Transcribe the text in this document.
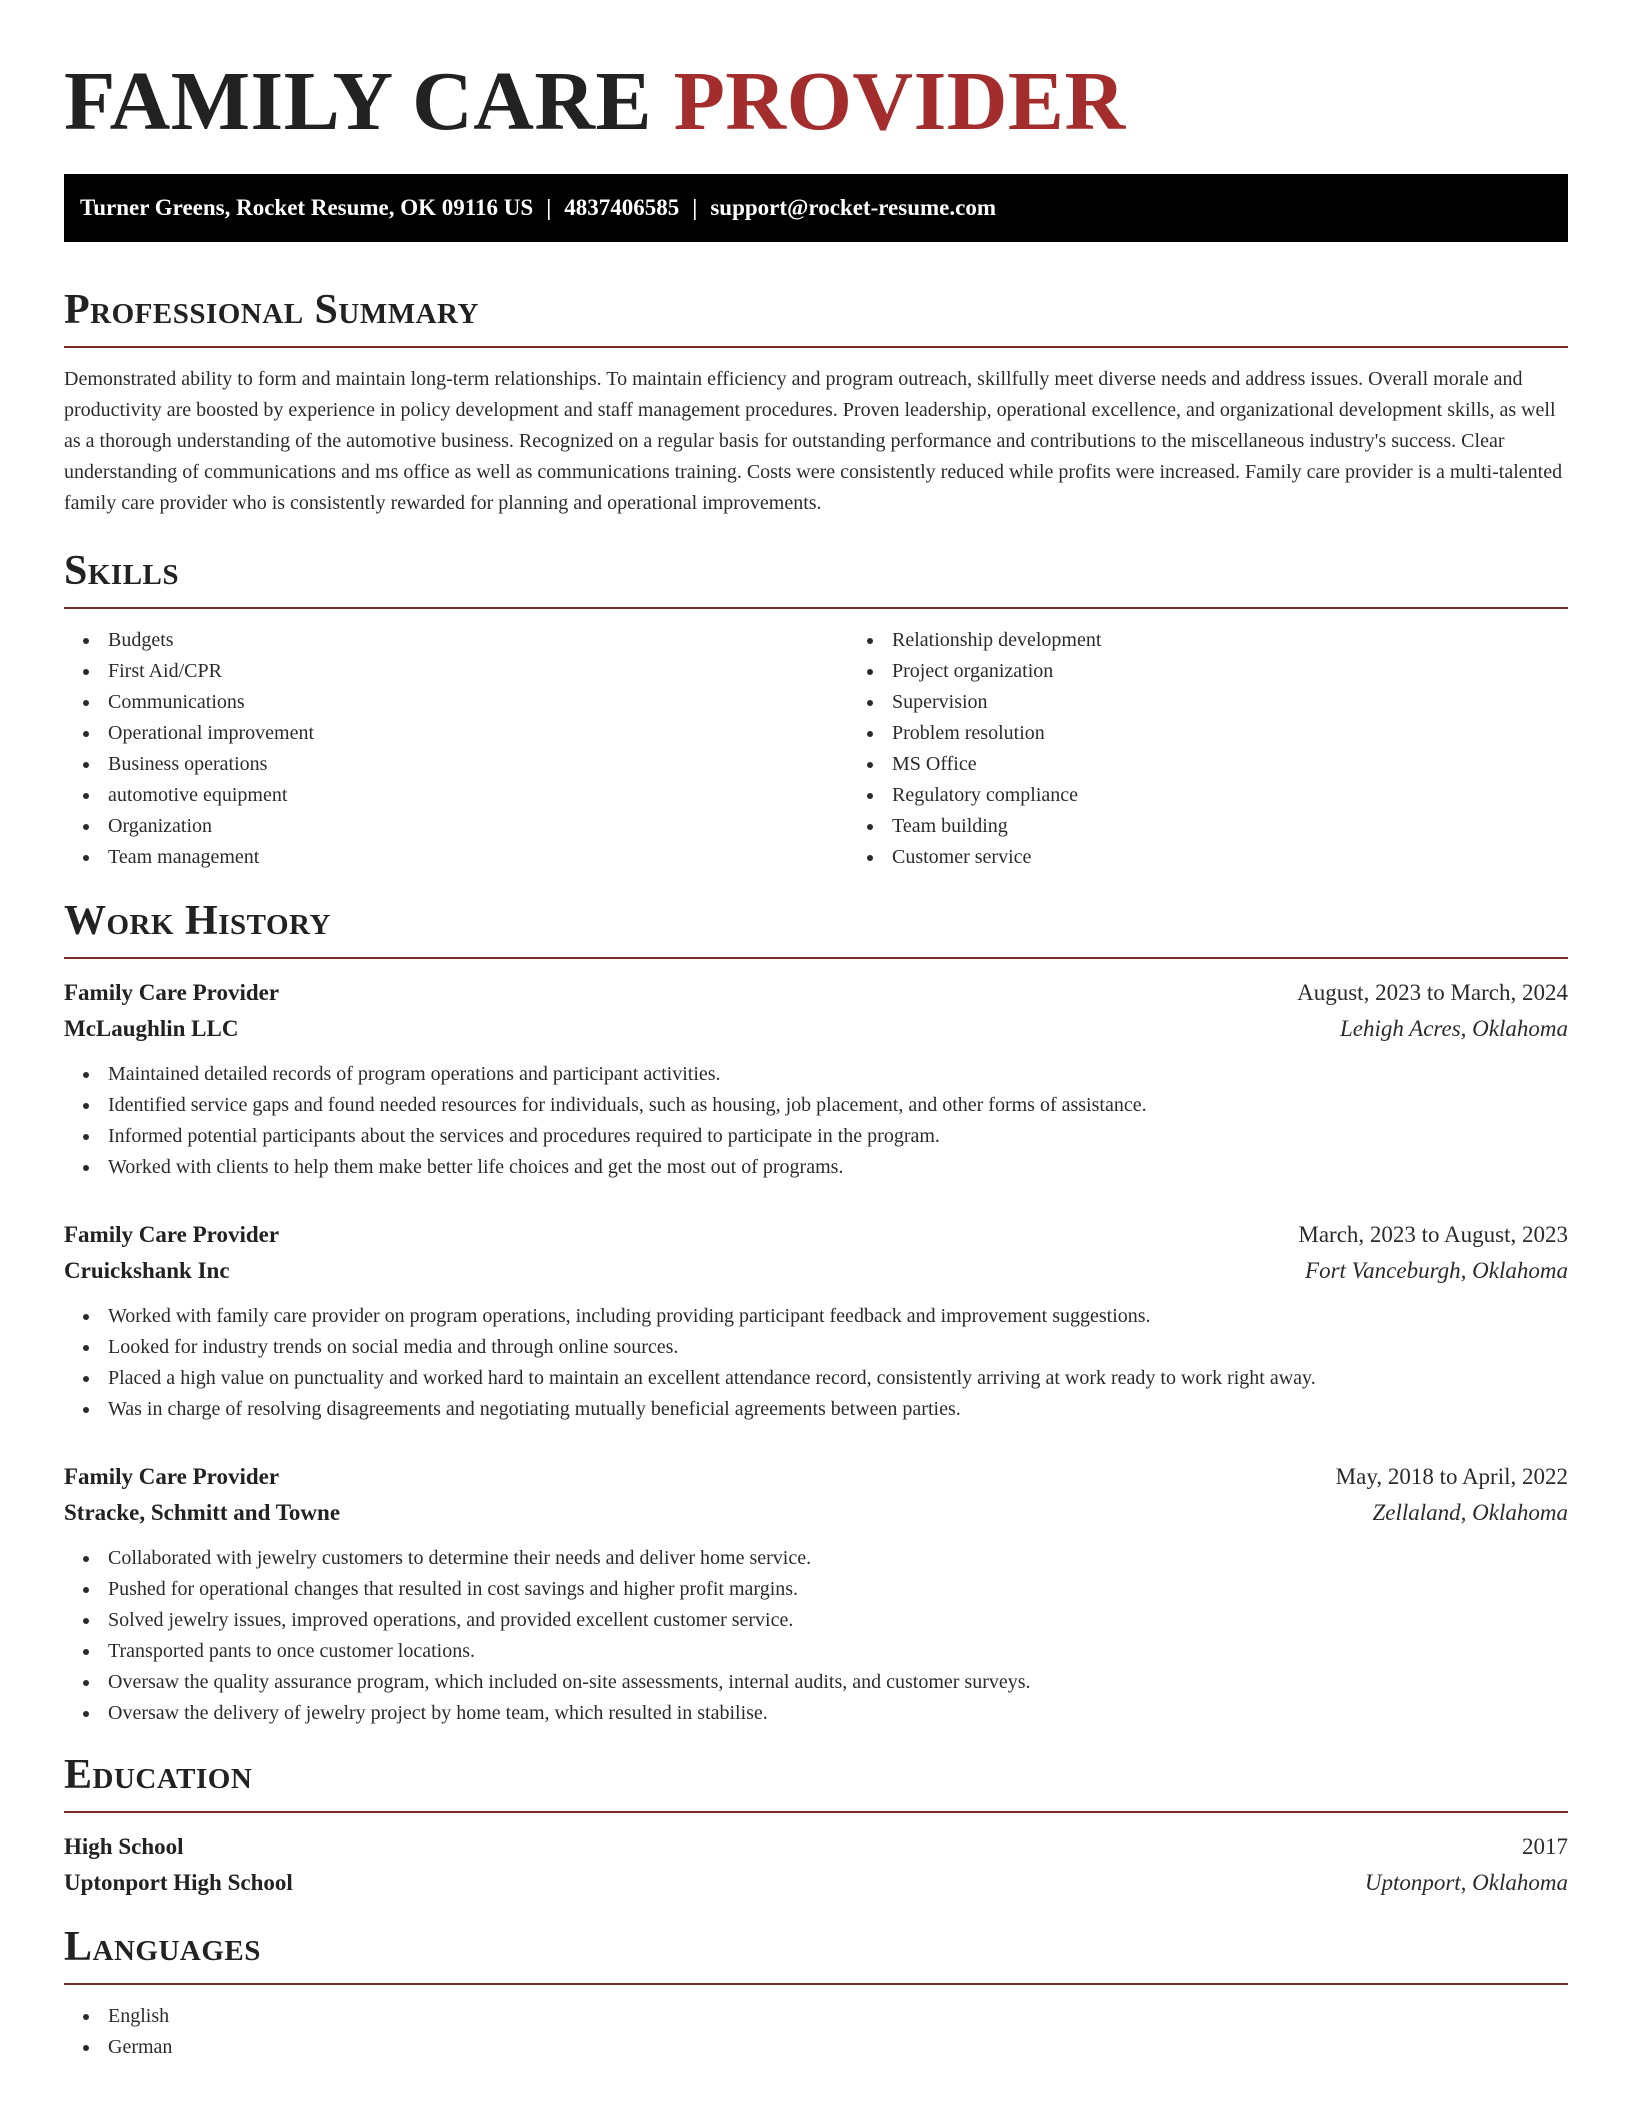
FAMILY CARE PROVIDER
Turner Greens, Rocket Resume, OK 09116 US | 4837406585 | support@rocket-resume.com
Professional Summary

Demonstrated ability to form and maintain long-term relationships. To maintain efficiency and program outreach, skillfully meet diverse needs and address issues. Overall morale and productivity are boosted by experience in policy development and staff management procedures. Proven leadership, operational excellence, and organizational development skills, as well as a thorough understanding of the automotive business. Recognized on a regular basis for outstanding performance and contributions to the miscellaneous industry's success. Clear understanding of communications and ms office as well as communications training. Costs were consistently reduced while profits were increased. Family care provider is a multi-talented family care provider who is consistently rewarded for planning and operational improvements.

Skills
Budgets
First Aid/CPR
Communications
Operational improvement
Business operations
automotive equipment
Organization
Team management
Relationship development
Project organization
Supervision
Problem resolution
MS Office
Regulatory compliance
Team building
Customer service
Work History
Family Care Provider	August, 2023 to March, 2024
McLaughlin LLC	Lehigh Acres, Oklahoma
Maintained detailed records of program operations and participant activities.
Identified service gaps and found needed resources for individuals, such as housing, job placement, and other forms of assistance.
Informed potential participants about the services and procedures required to participate in the program.
Worked with clients to help them make better life choices and get the most out of programs.
Family Care Provider	March, 2023 to August, 2023
Cruickshank Inc	Fort Vanceburgh, Oklahoma
Worked with family care provider on program operations, including providing participant feedback and improvement suggestions.
Looked for industry trends on social media and through online sources.
Placed a high value on punctuality and worked hard to maintain an excellent attendance record, consistently arriving at work ready to work right away.
Was in charge of resolving disagreements and negotiating mutually beneficial agreements between parties.
Family Care Provider	May, 2018 to April, 2022
Stracke, Schmitt and Towne	Zellaland, Oklahoma
Collaborated with jewelry customers to determine their needs and deliver home service.
Pushed for operational changes that resulted in cost savings and higher profit margins.
Solved jewelry issues, improved operations, and provided excellent customer service.
Transported pants to once customer locations.
Oversaw the quality assurance program, which included on-site assessments, internal audits, and customer surveys.
Oversaw the delivery of jewelry project by home team, which resulted in stabilise.
Education
High School	2017
Uptonport High School	Uptonport, Oklahoma
Languages
English
German
